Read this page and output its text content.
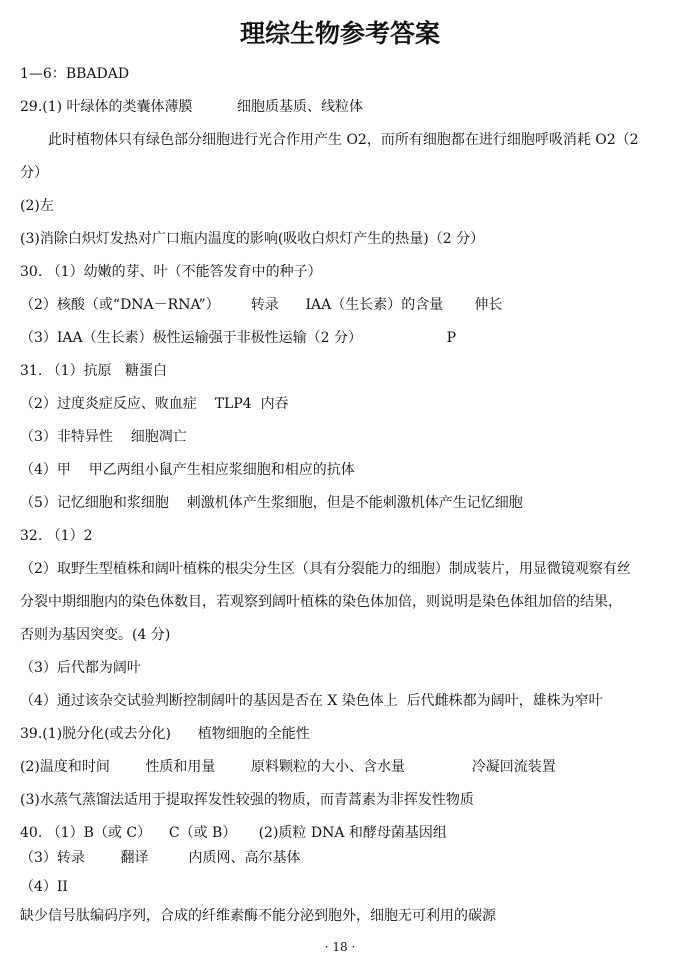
理综生物参考答案
1—6：BBADAD
29.(1) 叶绿体的类囊体薄膜          细胞质基质、线粒体
此时植物体只有绿色部分细胞进行光合作用产生 O2，而所有细胞都在进行细胞呼吸消耗 O2（2
分）
(2)左
(3)消除白炽灯发热对广口瓶内温度的影响(吸收白炽灯产生的热量)（2 分）
30. （1）幼嫩的芽、叶（不能答发育中的种子）
（2）核酸（或“DNA－RNA”）       转录      IAA（生长素）的含量       伸长
（3）IAA（生长素）极性运输强于非极性运输（2 分）                   P
31. （1）抗原   糖蛋白
（2）过度炎症反应、败血症    TLP4  内吞
（3）非特异性    细胞凋亡
（4）甲    甲乙两组小鼠产生相应浆细胞和相应的抗体
（5）记忆细胞和浆细胞    刺激机体产生浆细胞，但是不能刺激机体产生记忆细胞
32. （1）2
（2）取野生型植株和阔叶植株的根尖分生区（具有分裂能力的细胞）制成装片，用显微镜观察有丝
分裂中期细胞内的染色体数目，若观察到阔叶植株的染色体加倍，则说明是染色体组加倍的结果，
否则为基因突变。(4 分)
（3）后代都为阔叶
（4）通过该杂交试验判断控制阔叶的基因是否在 X 染色体上  后代雌株都为阔叶，雄株为窄叶
39.(1)脱分化(或去分化)      植物细胞的全能性
(2)温度和时间        性质和用量        原料颗粒的大小、含水量               冷凝回流装置
(3)水蒸气蒸馏法适用于提取挥发性较强的物质，而青蒿素为非挥发性物质
40. （1）B（或 C）    C（或 B）     (2)质粒 DNA 和酵母菌基因组
（3）转录        翻译         内质网、高尔基体
（4）II
缺少信号肽编码序列，合成的纤维素酶不能分泌到胞外，细胞无可利用的碳源
· 18 ·
